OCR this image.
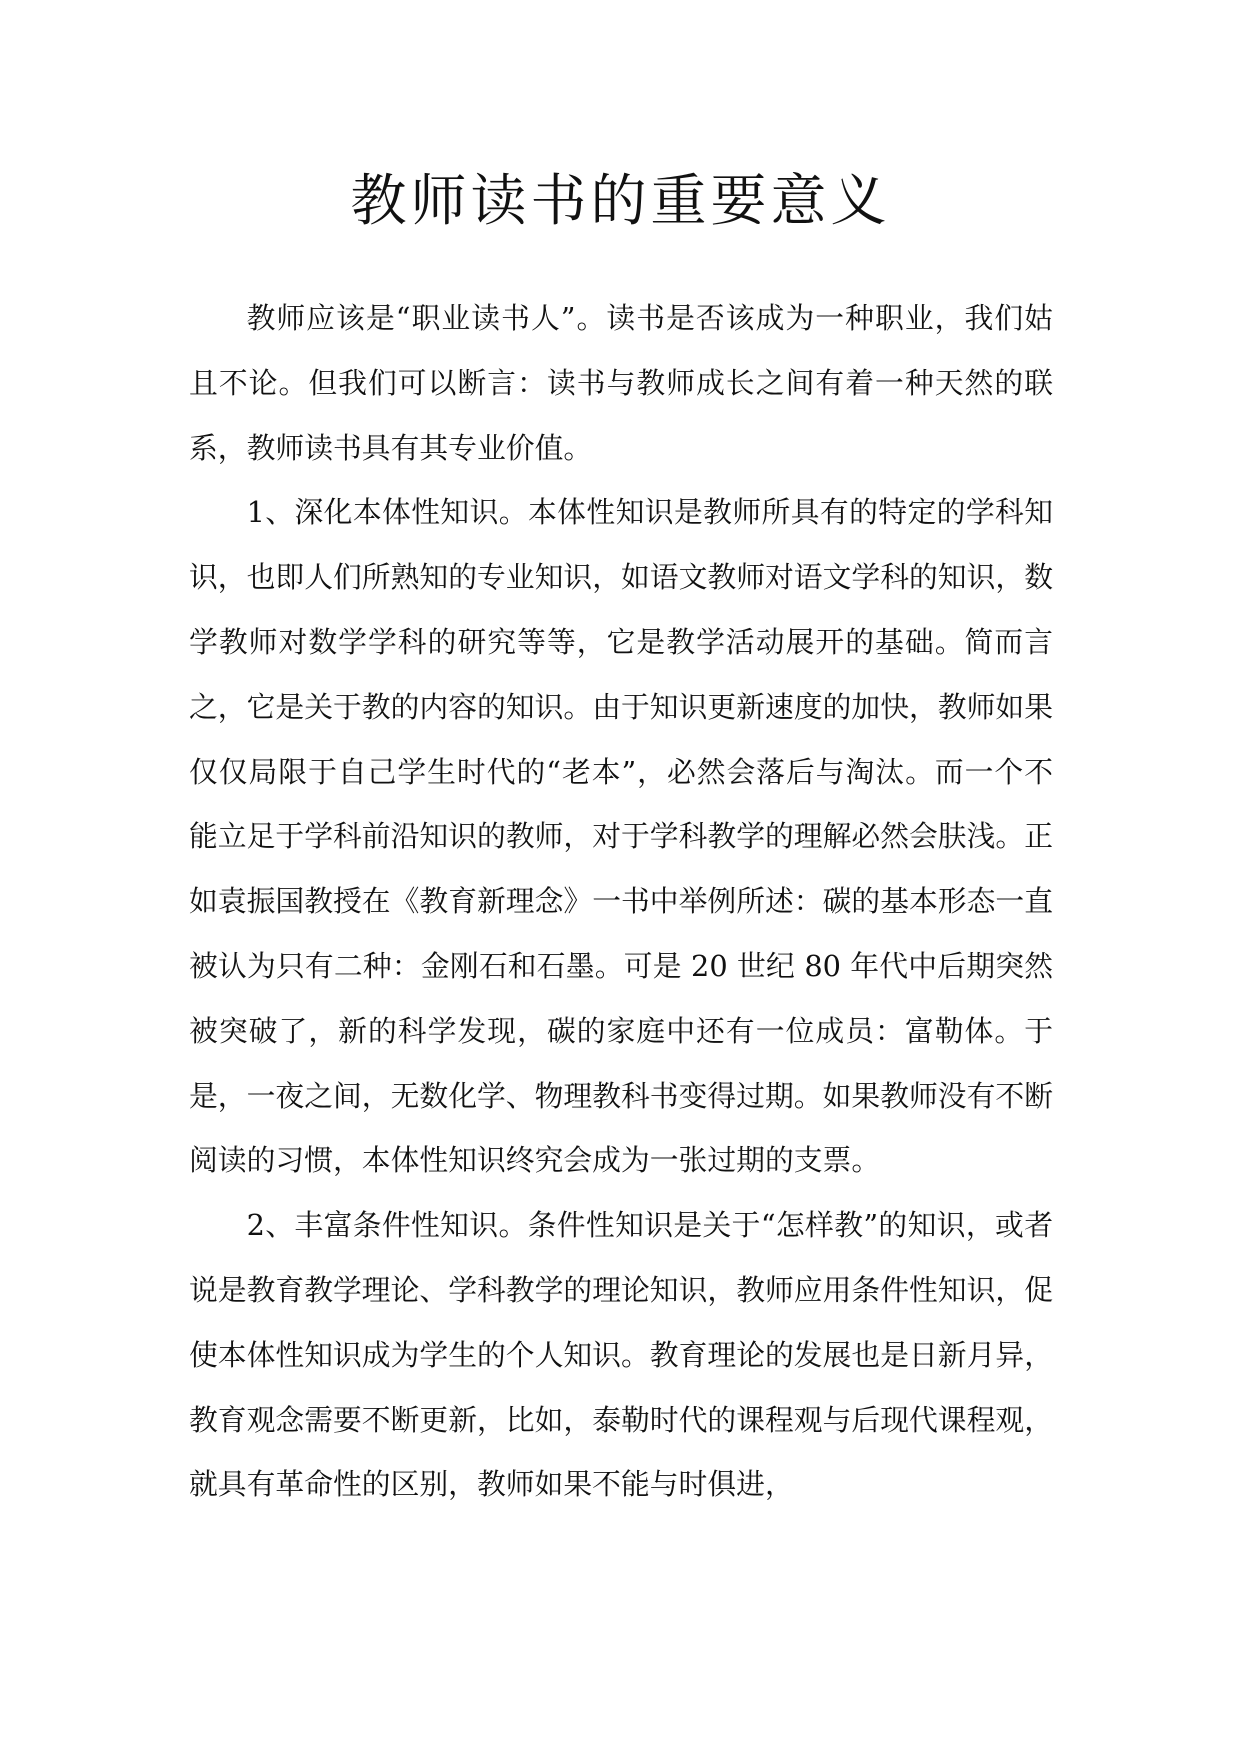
教师读书的重要意义

教师应该是“职业读书人”。读书是否该成为一种职业，我们姑且不论。但我们可以断言：读书与教师成长之间有着一种天然的联系，教师读书具有其专业价值。

1、深化本体性知识。本体性知识是教师所具有的特定的学科知识，也即人们所熟知的专业知识，如语文教师对语文学科的知识，数学教师对数学学科的研究等等，它是教学活动展开的基础。简而言之，它是关于教的内容的知识。由于知识更新速度的加快，教师如果仅仅局限于自己学生时代的“老本”，必然会落后与淘汰。而一个不能立足于学科前沿知识的教师，对于学科教学的理解必然会肤浅。正如袁振国教授在《教育新理念》一书中举例所述：碳的基本形态一直被认为只有二种：金刚石和石墨。可是 20 世纪 80 年代中后期突然被突破了，新的科学发现，碳的家庭中还有一位成员：富勒体。于是，一夜之间，无数化学、物理教科书变得过期。如果教师没有不断阅读的习惯，本体性知识终究会成为一张过期的支票。

2、丰富条件性知识。条件性知识是关于“怎样教”的知识，或者说是教育教学理论、学科教学的理论知识，教师应用条件性知识，促使本体性知识成为学生的个人知识。教育理论的发展也是日新月异，教育观念需要不断更新，比如，泰勒时代的课程观与后现代课程观，就具有革命性的区别，教师如果不能与时俱进，
